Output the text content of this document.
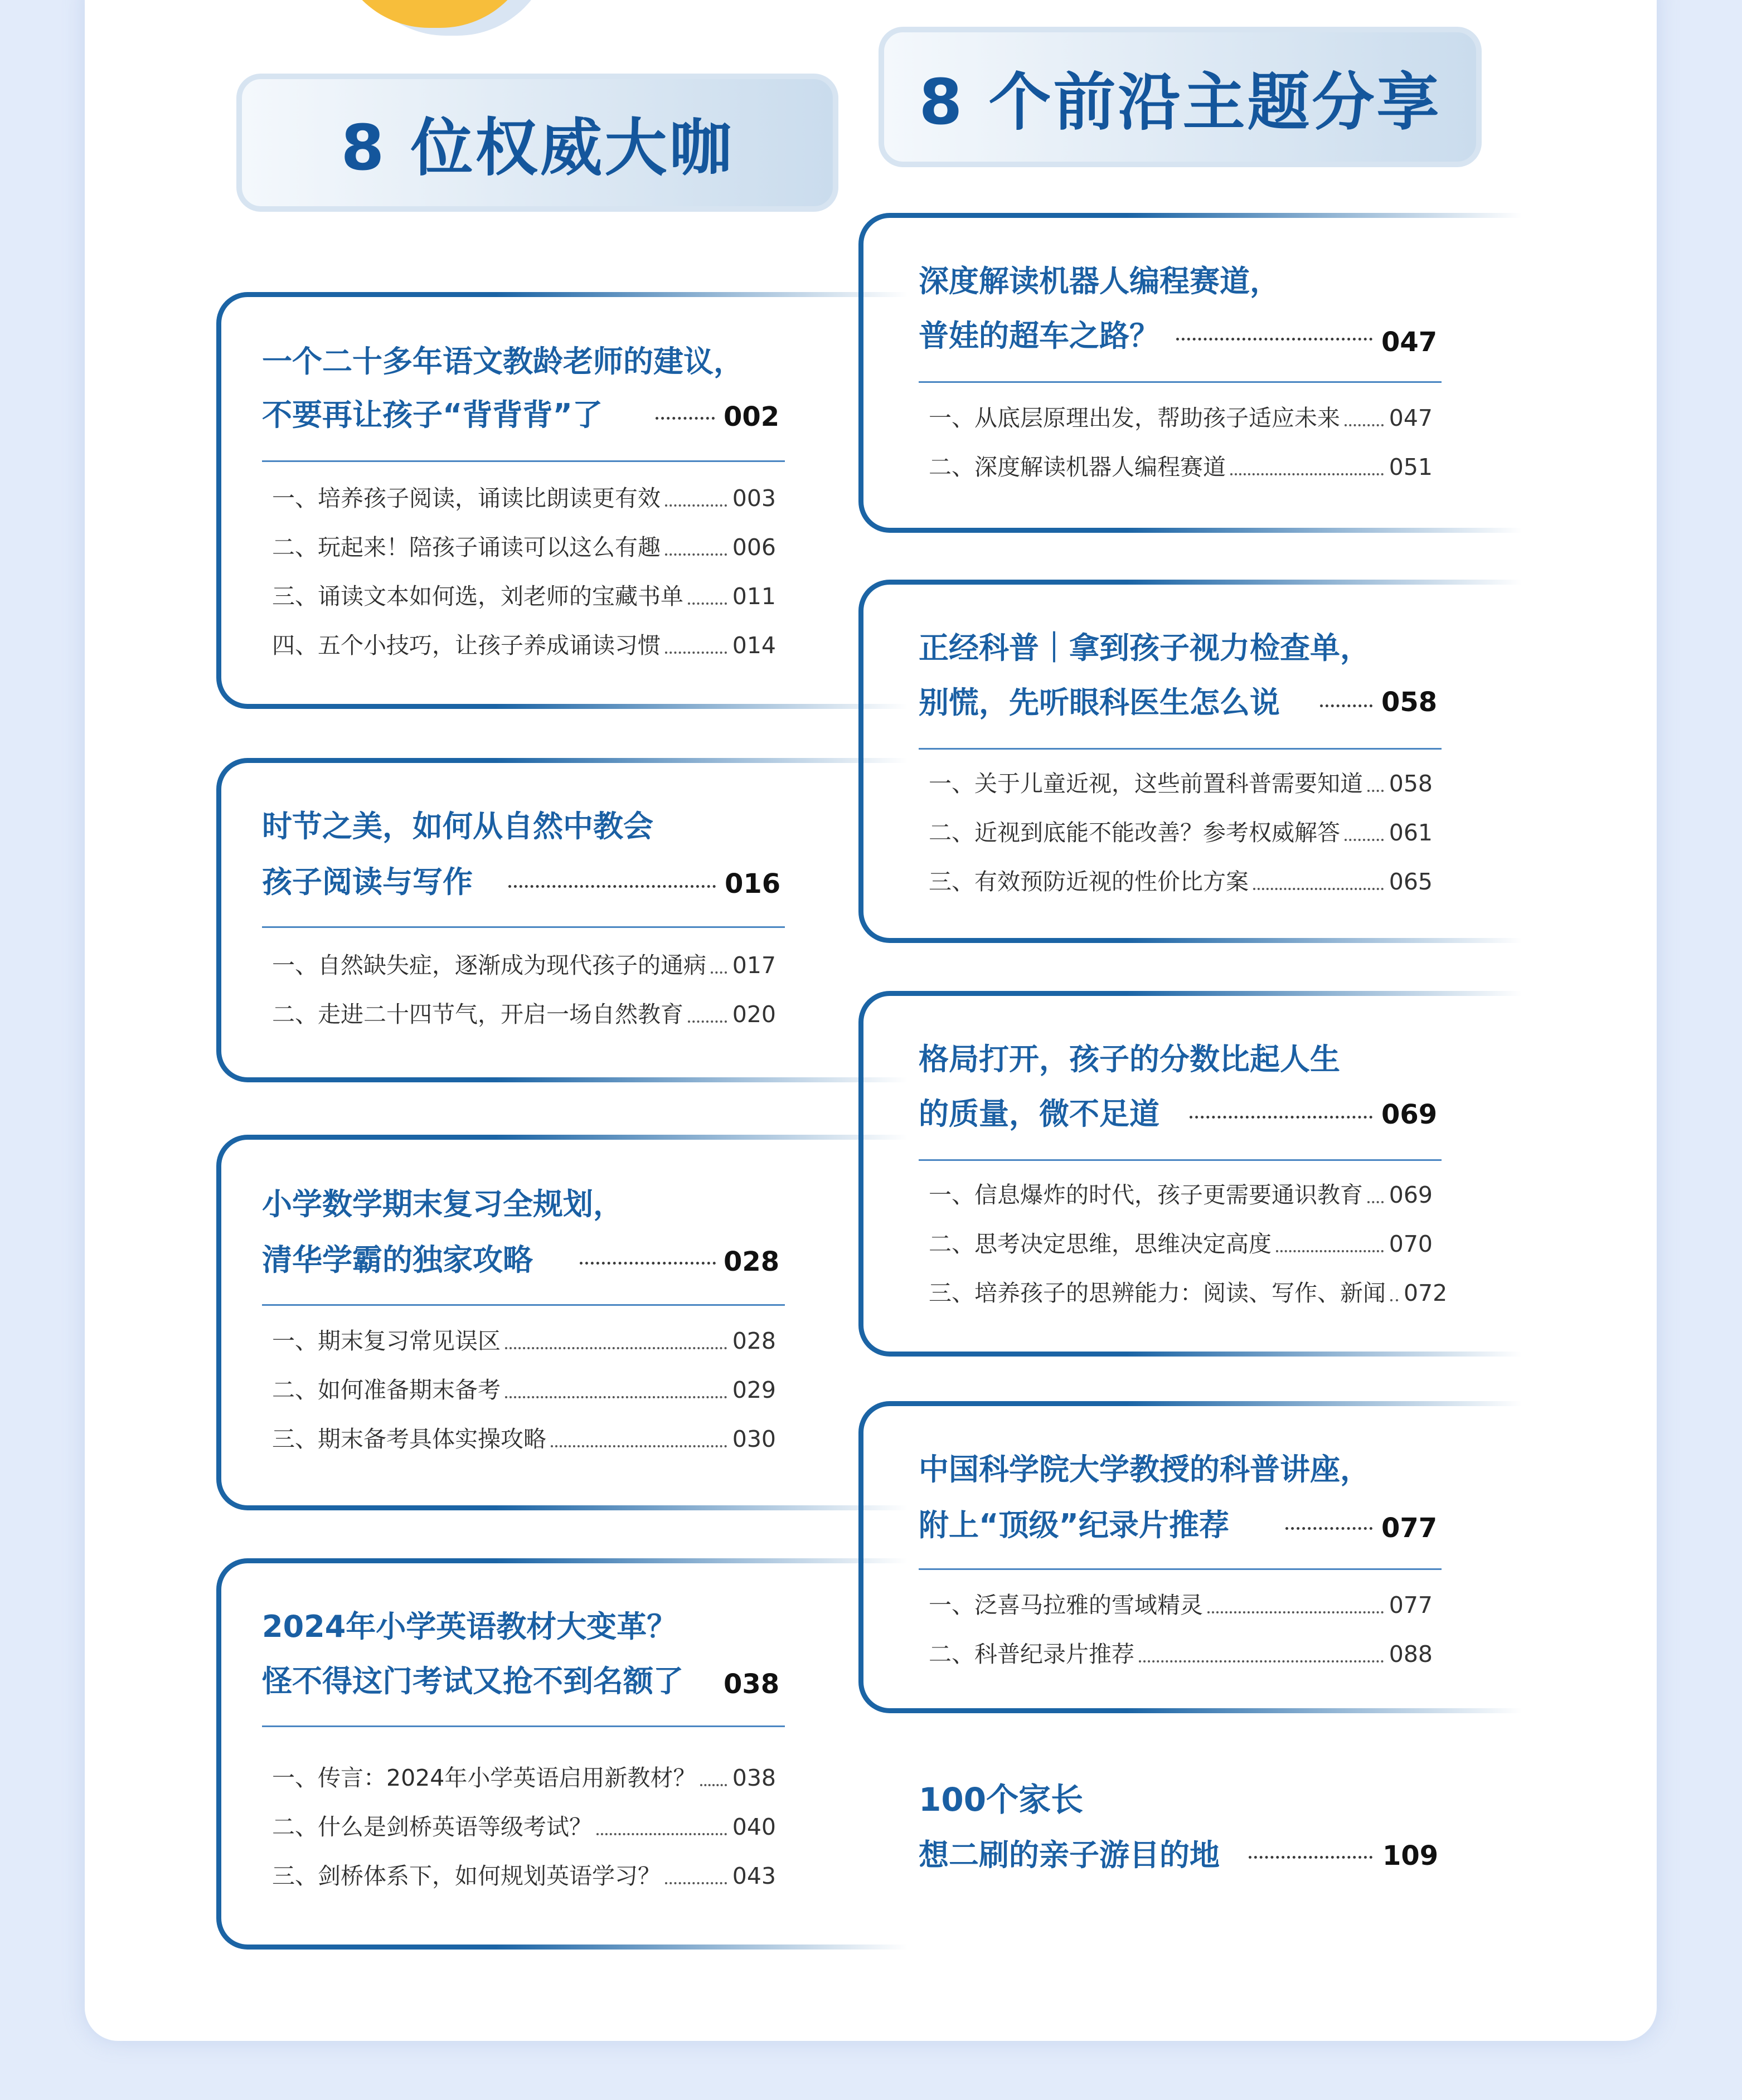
8 位权威大咖
8 个前沿主题分享
一个二十多年语文教龄老师的建议，
不要再让孩子“背背背”了	002
一、培养孩子阅读，诵读比朗读更有效	003
二、玩起来！陪孩子诵读可以这么有趣	006
三、诵读文本如何选，刘老师的宝藏书单 011
四、五个小技巧，让孩子养成诵读习惯	014
时节之美，如何从自然中教会
孩子阅读与写作	016
一、自然缺失症，逐渐成为现代孩子的通病 017
二、走进二十四节气，开启一场自然教育 020
小学数学期末复习全规划，
清华学霸的独家攻略	028
一、期末复习常见误区	028
二、如何准备期末备考	029
三、期末备考具体实操攻略	030
2024年小学英语教材大变革？
怪不得这门考试又抢不到名额了 038
一、传言：2024年小学英语启用新教材？ 038
二、什么是剑桥英语等级考试？	040
三、剑桥体系下，如何规划英语学习？	043
深度解读机器人编程赛道，
普娃的超车之路？	047
一、从底层原理出发，帮助孩子适应未来 047
二、深度解读机器人编程赛道	051
正经科普｜拿到孩子视力检查单，
别慌，先听眼科医生怎么说	058
一、关于儿童近视，这些前置科普需要知道 058
二、近视到底能不能改善？参考权威解答 061
三、有效预防近视的性价比方案	065
格局打开，孩子的分数比起人生
的质量，微不足道	069
一、信息爆炸的时代，孩子更需要通识教育 069
二、思考决定思维，思维决定高度	070
三、培养孩子的思辨能力：阅读、写作、新闻 072
中国科学院大学教授的科普讲座，
附上“顶级”纪录片推荐	077
一、泛喜马拉雅的雪域精灵	077
二、科普纪录片推荐	088
100个家长
想二刷的亲子游目的地	109
